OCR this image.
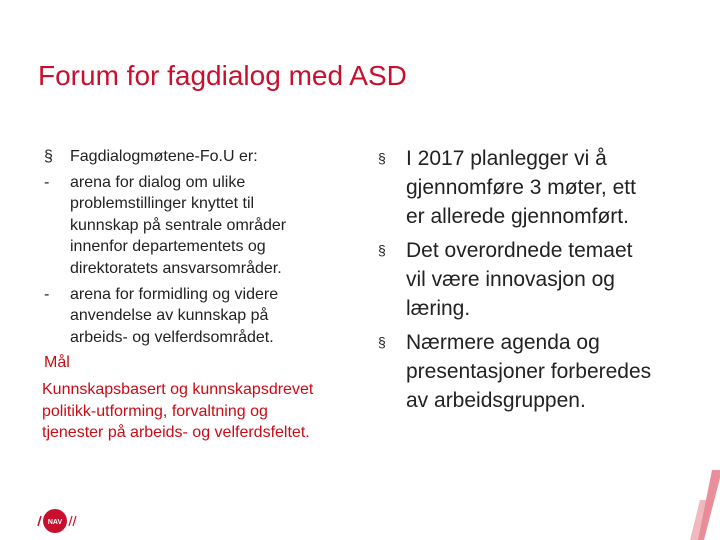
Forum for fagdialog med ASD
§ Fagdialogmøtene-Fo.U er:
- arena for dialog om ulike
problemstillinger knyttet til
kunnskap på sentrale områder
innenfor departementets og
direktoratets ansvarsområder.
- arena for formidling og videre
anvendelse av kunnskap på
arbeids- og velferdsområdet.
Mål
Kunnskapsbasert og kunnskapsdrevet
politikk-utforming, forvaltning og
tjenester på arbeids- og velferdsfeltet.
§ I 2017 planlegger vi å
gjennomføre 3 møter, ett
er allerede gjennomført.
§ Det overordnede temaet
vil være innovasjon og
læring.
§ Nærmere agenda og
presentasjoner forberedes
av arbeidsgruppen.
NAV
